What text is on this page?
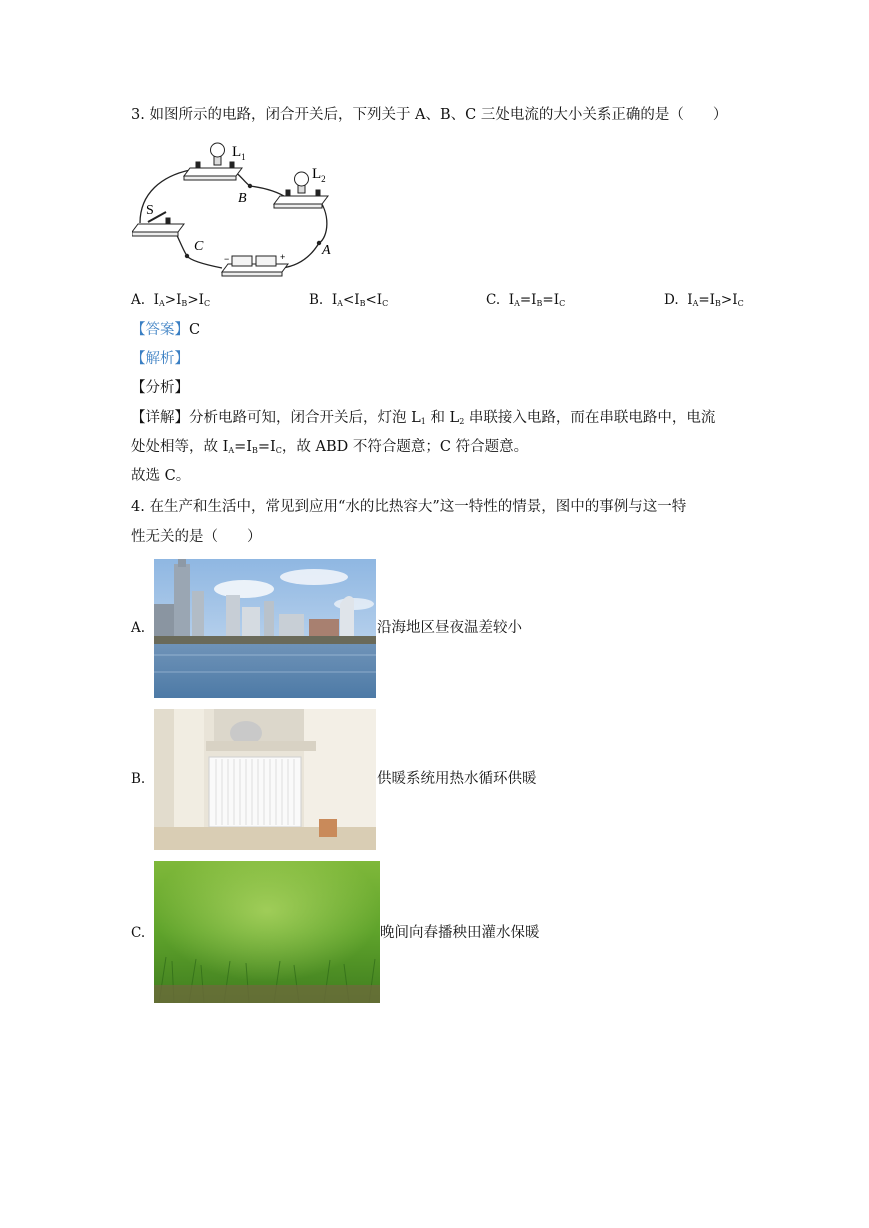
3. 如图所示的电路，闭合开关后，下列关于 A、B、C 三处电流的大小关系正确的是（　　）
$L_1$
$L_2$
S
B
A
C
−	+
A. $I_A>I_B>I_C$	B. $I_A<I_B<I_C$	C. $I_A=I_B=I_C$	D. $I_A=I_B>I_C$
【答案】C
【解析】
【分析】
【详解】分析电路可知，闭合开关后，灯泡 $L_1$ 和 $L_2$ 串联接入电路，而在串联电路中，电流
处处相等，故 $I_A=I_B=I_C$，故 ABD 不符合题意；C 符合题意。
故选 C。
4. 在生产和生活中，常见到应用“水的比热容大”这一特性的情景，图中的事例与这一特
性无关的是（　　）
A.	沿海地区昼夜温差较小
B.	供暖系统用热水循环供暖
C.	晚间向春播秧田灌水保暖
